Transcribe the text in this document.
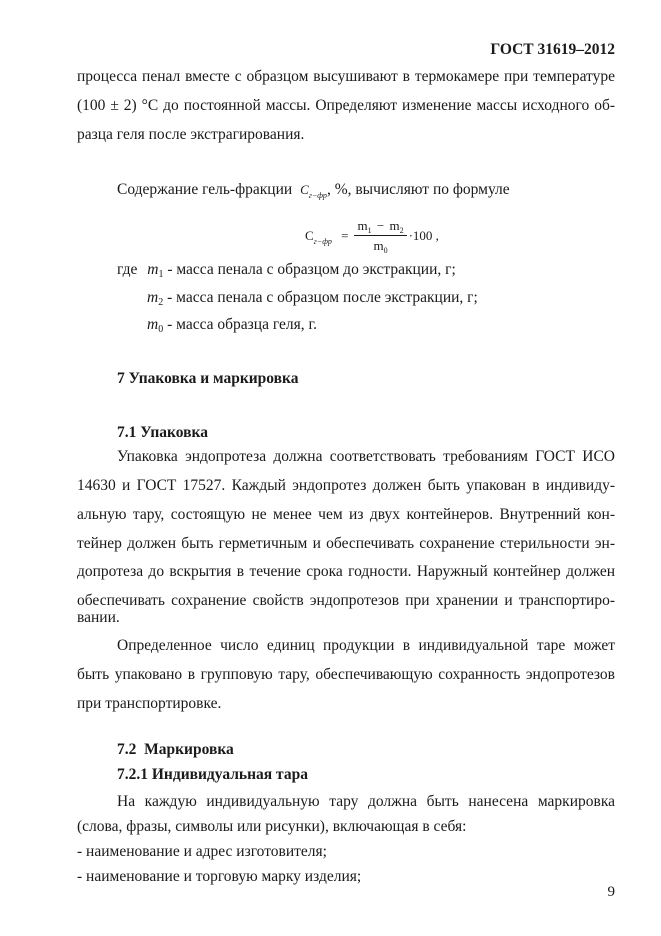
ГОСТ 31619–2012
процесса пенал вместе с образцом высушивают в термокамере при температуре
(100 ± 2) °С до постоянной массы. Определяют изменение массы исходного об-
разца геля после экстрагирования.
Содержание гель-фракции $C_{г-фр}$, %, вычисляют по формуле
$C_{г-фр} = \frac{m_1 - m_2}{m_0} \cdot 100$ ,
где m1 - масса пенала с образцом до экстракции, г;
m2 - масса пенала с образцом после экстракции, г;
m0 - масса образца геля, г.
7 Упаковка и маркировка
7.1 Упаковка
Упаковка эндопротеза должна соответствовать требованиям ГОСТ ИСО
14630 и ГОСТ 17527. Каждый эндопротез должен быть упакован в индивиду-
альную тару, состоящую не менее чем из двух контейнеров. Внутренний кон-
тейнер должен быть герметичным и обеспечивать сохранение стерильности эн-
допротеза до вскрытия в течение срока годности. Наружный контейнер должен
обеспечивать сохранение свойств эндопротезов при хранении и транспортиро-
вании.
Определенное число единиц продукции в индивидуальной таре может
быть упаковано в групповую тару, обеспечивающую сохранность эндопротезов
при транспортировке.
7.2  Маркировка
7.2.1 Индивидуальная тара
На каждую индивидуальную тару должна быть нанесена маркировка
(слова, фразы, символы или рисунки), включающая в себя:
- наименование и адрес изготовителя;
- наименование и торговую марку изделия;
9
